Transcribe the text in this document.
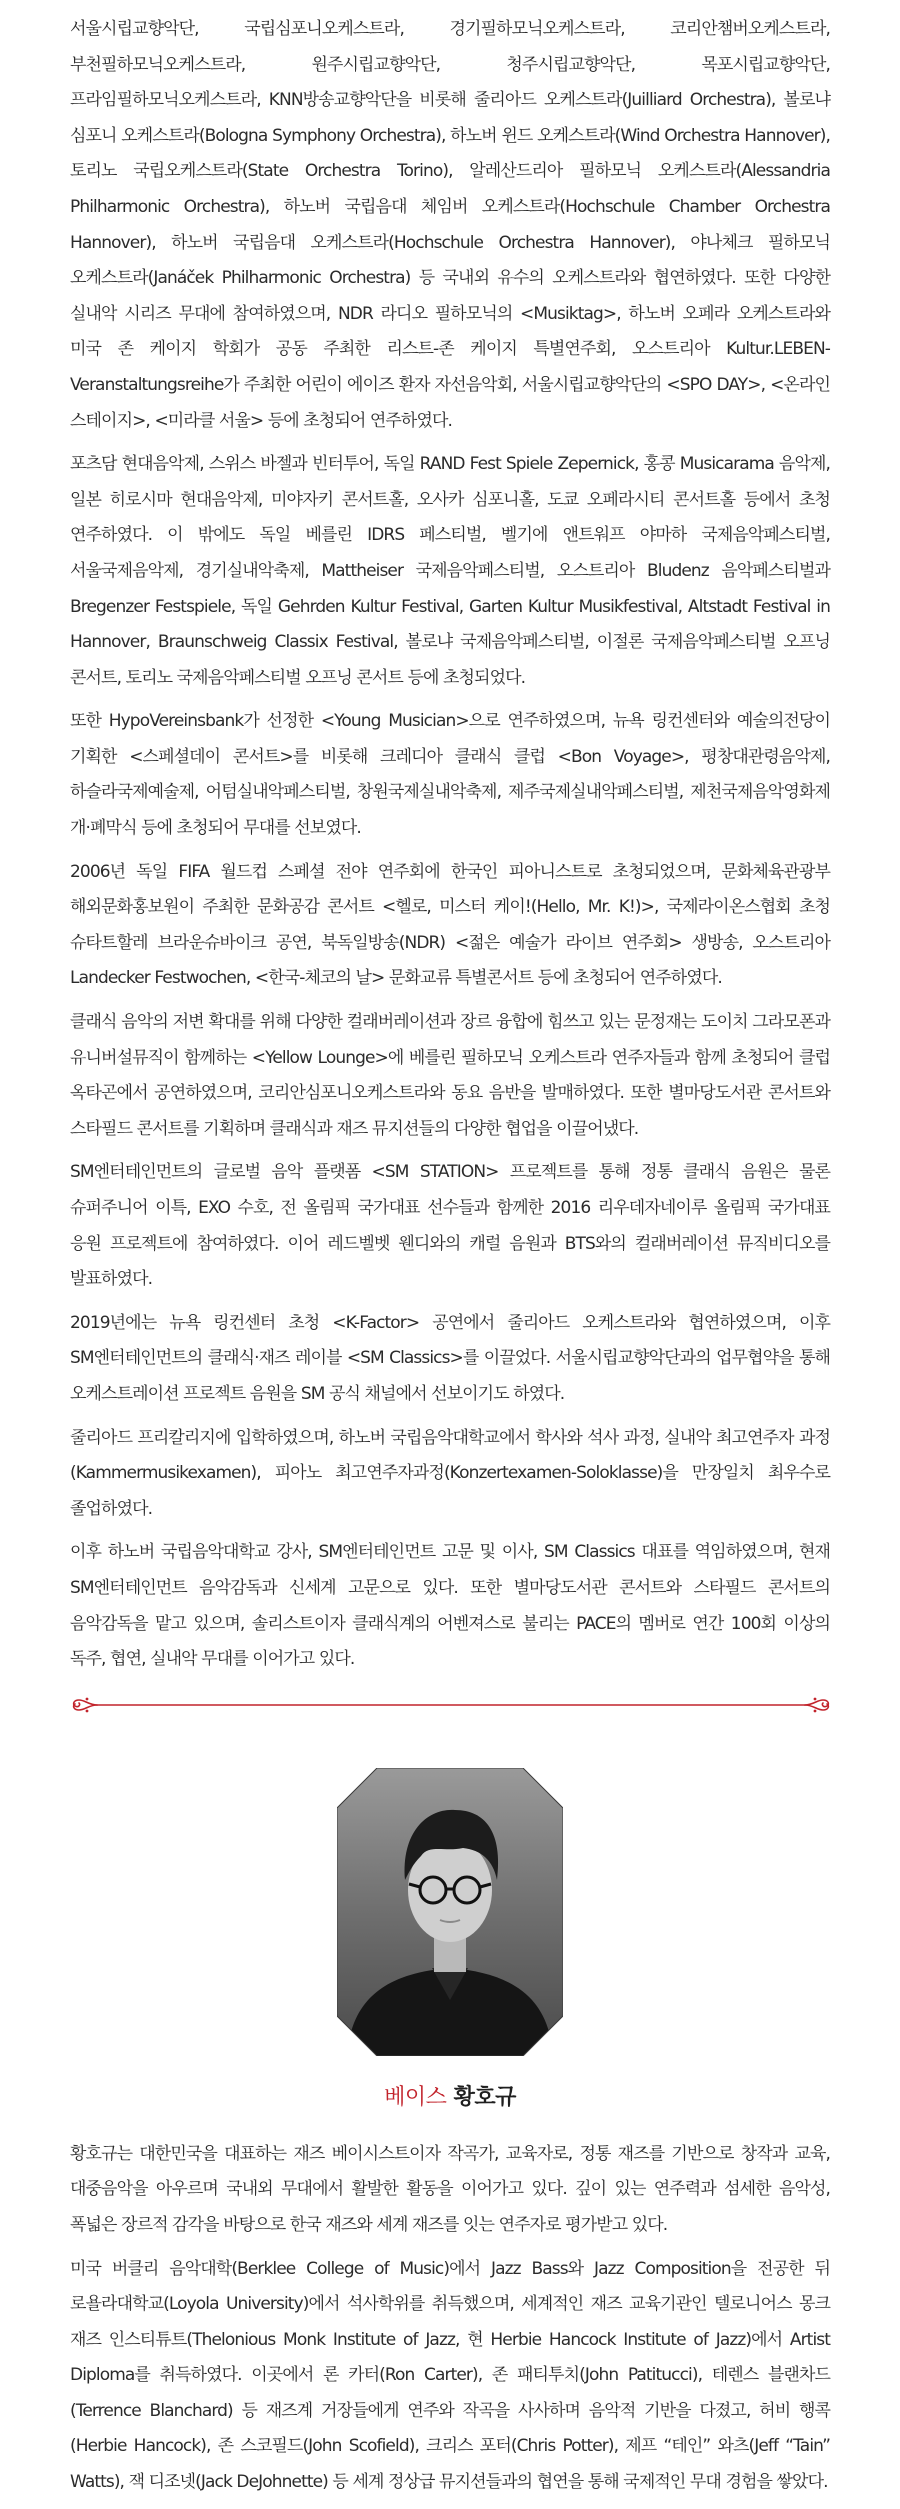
서울시립교향악단, 국립심포니오케스트라, 경기필하모닉오케스트라, 코리안챔버오케스트라, 부천필하모닉오케스트라, 원주시립교향악단, 청주시립교향악단, 목포시립교향악단, 프라임필하모닉오케스트라, KNN방송교향악단을 비롯해 줄리아드 오케스트라(Juilliard Orchestra), 볼로냐 심포니 오케스트라(Bologna Symphony Orchestra), 하노버 윈드 오케스트라(Wind Orchestra Hannover), 토리노 국립오케스트라(State Orchestra Torino), 알레산드리아 필하모닉 오케스트라(Alessandria Philharmonic Orchestra), 하노버 국립음대 체임버 오케스트라(Hochschule Chamber Orchestra Hannover), 하노버 국립음대 오케스트라(Hochschule Orchestra Hannover), 야나체크 필하모닉 오케스트라(Janáček Philharmonic Orchestra) 등 국내외 유수의 오케스트라와 협연하였다. 또한 다양한 실내악 시리즈 무대에 참여하였으며, NDR 라디오 필하모닉의 <Musiktag>, 하노버 오페라 오케스트라와 미국 존 케이지 학회가 공동 주최한 리스트-존 케이지 특별연주회, 오스트리아 Kultur.LEBEN-Veranstaltungsreihe가 주최한 어린이 에이즈 환자 자선음악회, 서울시립교향악단의 <SPO DAY>, <온라인 스테이지>, <미라클 서울> 등에 초청되어 연주하였다.

포츠담 현대음악제, 스위스 바젤과 빈터투어, 독일 RAND Fest Spiele Zepernick, 홍콩 Musicarama 음악제, 일본 히로시마 현대음악제, 미야자키 콘서트홀, 오사카 심포니홀, 도쿄 오페라시티 콘서트홀 등에서 초청 연주하였다. 이 밖에도 독일 베를린 IDRS 페스티벌, 벨기에 앤트워프 야마하 국제음악페스티벌, 서울국제음악제, 경기실내악축제, Mattheiser 국제음악페스티벌, 오스트리아 Bludenz 음악페스티벌과 Bregenzer Festspiele, 독일 Gehrden Kultur Festival, Garten Kultur Musikfestival, Altstadt Festival in Hannover, Braunschweig Classix Festival, 볼로냐 국제음악페스티벌, 이절론 국제음악페스티벌 오프닝 콘서트, 토리노 국제음악페스티벌 오프닝 콘서트 등에 초청되었다.

또한 HypoVereinsbank가 선정한 <Young Musician>으로 연주하였으며, 뉴욕 링컨센터와 예술의전당이 기획한 <스페셜데이 콘서트>를 비롯해 크레디아 클래식 클럽 <Bon Voyage>, 평창대관령음악제, 하슬라국제예술제, 어텀실내악페스티벌, 창원국제실내악축제, 제주국제실내악페스티벌, 제천국제음악영화제 개·폐막식 등에 초청되어 무대를 선보였다.

2006년 독일 FIFA 월드컵 스페셜 전야 연주회에 한국인 피아니스트로 초청되었으며, 문화체육관광부 해외문화홍보원이 주최한 문화공감 콘서트 <헬로, 미스터 케이!(Hello, Mr. K!)>, 국제라이온스협회 초청 슈타트할레 브라운슈바이크 공연, 북독일방송(NDR) <젊은 예술가 라이브 연주회> 생방송, 오스트리아 Landecker Festwochen, <한국-체코의 날> 문화교류 특별콘서트 등에 초청되어 연주하였다.

클래식 음악의 저변 확대를 위해 다양한 컬래버레이션과 장르 융합에 힘쓰고 있는 문정재는 도이치 그라모폰과 유니버설뮤직이 함께하는 <Yellow Lounge>에 베를린 필하모닉 오케스트라 연주자들과 함께 초청되어 클럽 옥타곤에서 공연하였으며, 코리안심포니오케스트라와 동요 음반을 발매하였다. 또한 별마당도서관 콘서트와 스타필드 콘서트를 기획하며 클래식과 재즈 뮤지션들의 다양한 협업을 이끌어냈다.

SM엔터테인먼트의 글로벌 음악 플랫폼 <SM STATION> 프로젝트를 통해 정통 클래식 음원은 물론 슈퍼주니어 이특, EXO 수호, 전 올림픽 국가대표 선수들과 함께한 2016 리우데자네이루 올림픽 국가대표 응원 프로젝트에 참여하였다. 이어 레드벨벳 웬디와의 캐럴 음원과 BTS와의 컬래버레이션 뮤직비디오를 발표하였다.

2019년에는 뉴욕 링컨센터 초청 <K-Factor> 공연에서 줄리아드 오케스트라와 협연하였으며, 이후 SM엔터테인먼트의 클래식·재즈 레이블 <SM Classics>를 이끌었다. 서울시립교향악단과의 업무협약을 통해 오케스트레이션 프로젝트 음원을 SM 공식 채널에서 선보이기도 하였다.

줄리아드 프리칼리지에 입학하였으며, 하노버 국립음악대학교에서 학사와 석사 과정, 실내악 최고연주자 과정(Kammermusikexamen), 피아노 최고연주자과정(Konzertexamen-Soloklasse)을 만장일치 최우수로 졸업하였다.

이후 하노버 국립음악대학교 강사, SM엔터테인먼트 고문 및 이사, SM Classics 대표를 역임하였으며, 현재 SM엔터테인먼트 음악감독과 신세계 고문으로 있다. 또한 별마당도서관 콘서트와 스타필드 콘서트의 음악감독을 맡고 있으며, 솔리스트이자 클래식계의 어벤져스로 불리는 PACE의 멤버로 연간 100회 이상의 독주, 협연, 실내악 무대를 이어가고 있다.

베이스 황호규

황호규는 대한민국을 대표하는 재즈 베이시스트이자 작곡가, 교육자로, 정통 재즈를 기반으로 창작과 교육, 대중음악을 아우르며 국내외 무대에서 활발한 활동을 이어가고 있다. 깊이 있는 연주력과 섬세한 음악성, 폭넓은 장르적 감각을 바탕으로 한국 재즈와 세계 재즈를 잇는 연주자로 평가받고 있다.

미국 버클리 음악대학(Berklee College of Music)에서 Jazz Bass와 Jazz Composition을 전공한 뒤 로욜라대학교(Loyola University)에서 석사학위를 취득했으며, 세계적인 재즈 교육기관인 텔로니어스 몽크 재즈 인스티튜트(Thelonious Monk Institute of Jazz, 현 Herbie Hancock Institute of Jazz)에서 Artist Diploma를 취득하였다. 이곳에서 론 카터(Ron Carter), 존 패티투치(John Patitucci), 테렌스 블랜차드(Terrence Blanchard) 등 재즈계 거장들에게 연주와 작곡을 사사하며 음악적 기반을 다졌고, 허비 행콕(Herbie Hancock), 존 스코필드(John Scofield), 크리스 포터(Chris Potter), 제프 “테인” 와츠(Jeff “Tain” Watts), 잭 디조넷(Jack DeJohnette) 등 세계 정상급 뮤지션들과의 협연을 통해 국제적인 무대 경험을 쌓았다.
